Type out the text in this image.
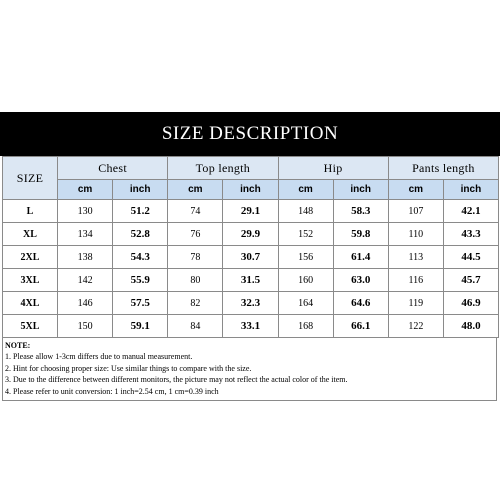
SIZE DESCRIPTION
SIZE	Chest		Top length		Hip		Pants length	
	cm	inch	cm	inch	cm	inch	cm	inch
L	130	51.2	74	29.1	148	58.3	107	42.1
XL	134	52.8	76	29.9	152	59.8	110	43.3
2XL	138	54.3	78	30.7	156	61.4	113	44.5
3XL	142	55.9	80	31.5	160	63.0	116	45.7
4XL	146	57.5	82	32.3	164	64.6	119	46.9
5XL	150	59.1	84	33.1	168	66.1	122	48.0
NOTE:
1. Please allow 1-3cm differs due to manual measurement.
2. Hint for choosing proper size: Use similar things to compare with the size.
3. Due to the difference between different monitors, the picture may not reflect the actual color of the item.
4. Please refer to unit conversion: 1 inch=2.54 cm, 1 cm=0.39 inch
